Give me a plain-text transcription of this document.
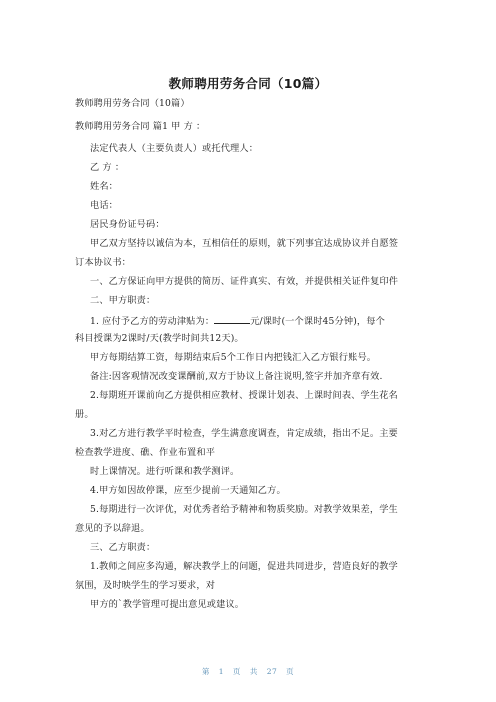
教师聘用劳务合同（10篇）
教师聘用劳务合同（10篇）
教师聘用劳务合同 篇1 甲 方 ：
法定代表人（主要负责人）或托代理人：
乙 方 ：
姓名：
电话：
居民身份证号码：
甲乙双方坚持以诚信为本，互相信任的原则，就下列事宜达成协议并自愿签
订本协议书：
一、乙方保证向甲方提供的简历、证件真实、有效，并提供相关证件复印件
二、甲方职责：
1. 应付予乙方的劳动津贴为：	元/课时(一个课时45分钟)，每个
科目授课为2课时/天(教学时间共12天)。
甲方每期结算工资，每期结束后5个工作日内把钱汇入乙方银行账号。
备注:因客观情况改变课酬前,双方于协议上备注说明,签字并加齐章有效.
2.每期班开课前向乙方提供相应教材、授课计划表、上课时间表、学生花名
册。
3.对乙方进行教学平时检查，学生满意度调查，肯定成绩，指出不足。主要
检查教学进度、礁、作业布置和平
时上课情况。进行听课和教学测评。
4.甲方如因故停课，应至少提前一天通知乙方。
5.每期进行一次评优，对优秀者给予精神和物质奖励。对教学效果差，学生
意见的予以辞退。
三、乙方职责：
1.教师之间应多沟通，解决教学上的问题，促进共同进步，营造良好的教学
氛围，及时映学生的学习要求，对
甲方的`教学管理可提出意见或建议。
第 1 页 共 27 页
